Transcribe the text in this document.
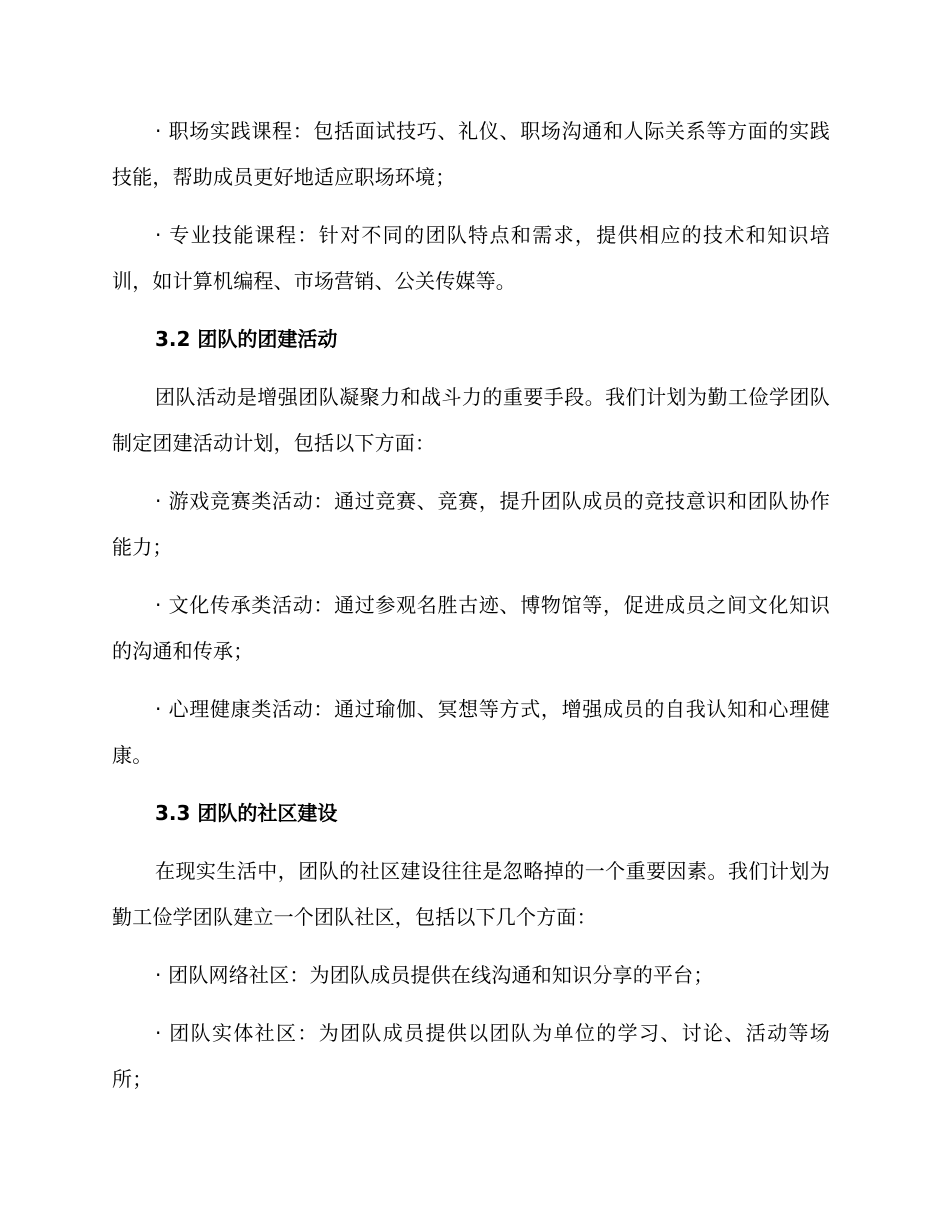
· 职场实践课程：包括面试技巧、礼仪、职场沟通和人际关系等方面的实践技能，帮助成员更好地适应职场环境；

· 专业技能课程：针对不同的团队特点和需求，提供相应的技术和知识培训，如计算机编程、市场营销、公关传媒等。

3.2 团队的团建活动

团队活动是增强团队凝聚力和战斗力的重要手段。我们计划为勤工俭学团队制定团建活动计划，包括以下方面：

· 游戏竞赛类活动：通过竞赛、竞赛，提升团队成员的竞技意识和团队协作能力；

· 文化传承类活动：通过参观名胜古迹、博物馆等，促进成员之间文化知识的沟通和传承；

· 心理健康类活动：通过瑜伽、冥想等方式，增强成员的自我认知和心理健康。

3.3 团队的社区建设

在现实生活中，团队的社区建设往往是忽略掉的一个重要因素。我们计划为勤工俭学团队建立一个团队社区，包括以下几个方面：

· 团队网络社区：为团队成员提供在线沟通和知识分享的平台；

· 团队实体社区：为团队成员提供以团队为单位的学习、讨论、活动等场所；
